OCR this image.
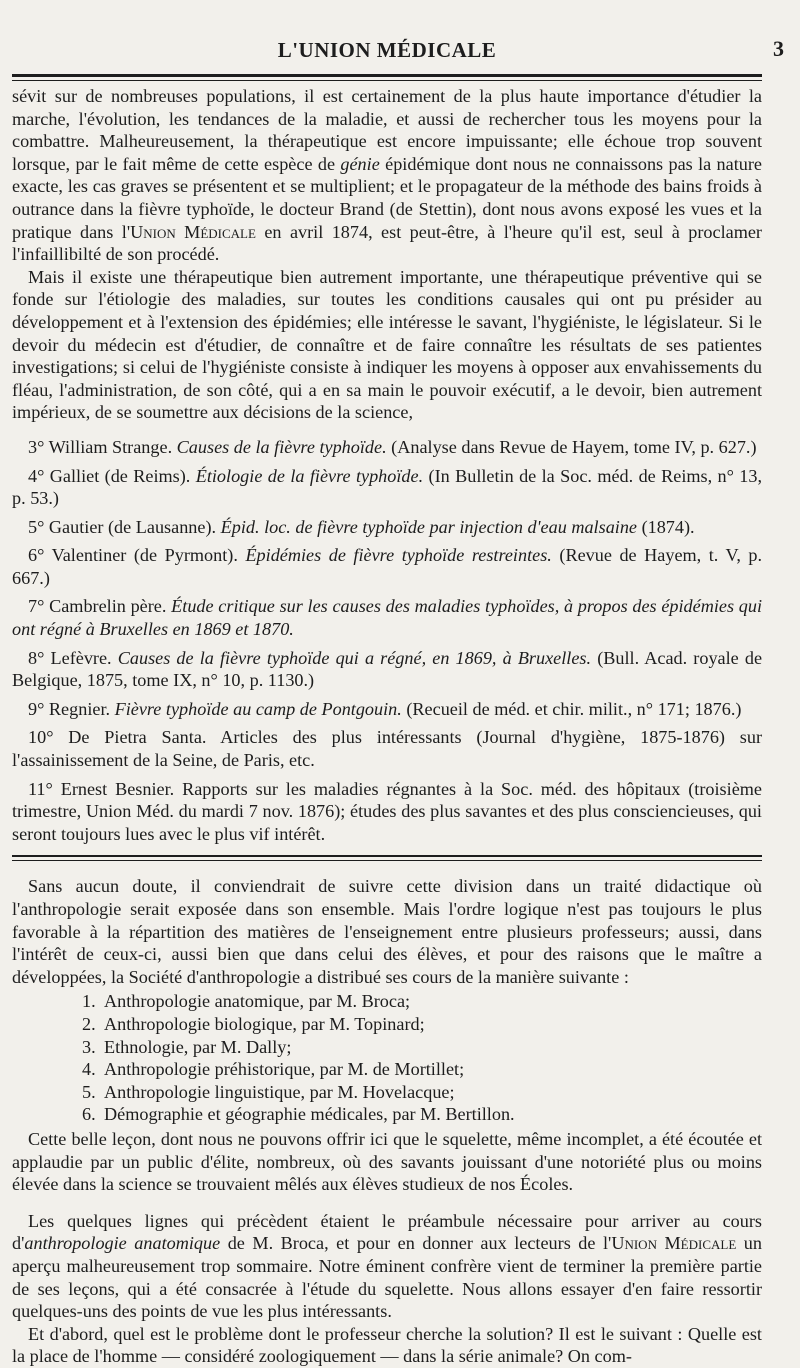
L'UNION MÉDICALE	3

sévit sur de nombreuses populations, il est certainement de la plus haute importance d'étudier la marche, l'évolution, les tendances de la maladie, et aussi de rechercher tous les moyens pour la combattre. Malheureusement, la thérapeutique est encore impuissante; elle échoue trop souvent lorsque, par le fait même de cette espèce de génie épidémique dont nous ne connaissons pas la nature exacte, les cas graves se présentent et se multiplient; et le propagateur de la méthode des bains froids à outrance dans la fièvre typhoïde, le docteur Brand (de Stettin), dont nous avons exposé les vues et la pratique dans l'Union Médicale en avril 1874, est peut-être, à l'heure qu'il est, seul à proclamer l'infaillibilté de son procédé.

Mais il existe une thérapeutique bien autrement importante, une thérapeutique préventive qui se fonde sur l'étiologie des maladies, sur toutes les conditions causales qui ont pu présider au développement et à l'extension des épidémies; elle intéresse le savant, l'hygiéniste, le législateur. Si le devoir du médecin est d'étudier, de connaître et de faire connaître les résultats de ses patientes investigations; si celui de l'hygiéniste consiste à indiquer les moyens à opposer aux envahissements du fléau, l'administration, de son côté, qui a en sa main le pouvoir exécutif, a le devoir, bien autrement impérieux, de se soumettre aux décisions de la science,

3° William Strange. Causes de la fièvre typhoïde. (Analyse dans Revue de Hayem, tome IV, p. 627.)

4° Galliet (de Reims). Étiologie de la fièvre typhoïde. (In Bulletin de la Soc. méd. de Reims, n° 13, p. 53.)

5° Gautier (de Lausanne). Épid. loc. de fièvre typhoïde par injection d'eau malsaine (1874).

6° Valentiner (de Pyrmont). Épidémies de fièvre typhoïde restreintes. (Revue de Hayem, t. V, p. 667.)

7° Cambrelin père. Étude critique sur les causes des maladies typhoïdes, à propos des épidémies qui ont régné à Bruxelles en 1869 et 1870.

8° Lefèvre. Causes de la fièvre typhoïde qui a régné, en 1869, à Bruxelles. (Bull. Acad. royale de Belgique, 1875, tome IX, n° 10, p. 1130.)

9° Regnier. Fièvre typhoïde au camp de Pontgouin. (Recueil de méd. et chir. milit., n° 171; 1876.)

10° De Pietra Santa. Articles des plus intéressants (Journal d'hygiène, 1875-1876) sur l'assainissement de la Seine, de Paris, etc.

11° Ernest Besnier. Rapports sur les maladies régnantes à la Soc. méd. des hôpitaux (troisième trimestre, Union Méd. du mardi 7 nov. 1876); études des plus savantes et des plus consciencieuses, qui seront toujours lues avec le plus vif intérêt.

Sans aucun doute, il conviendrait de suivre cette division dans un traité didactique où l'anthropologie serait exposée dans son ensemble. Mais l'ordre logique n'est pas toujours le plus favorable à la répartition des matières de l'enseignement entre plusieurs professeurs; aussi, dans l'intérêt de ceux-ci, aussi bien que dans celui des élèves, et pour des raisons que le maître a développées, la Société d'anthropologie a distribué ses cours de la manière suivante :

1. Anthropologie anatomique, par M. Broca;
2. Anthropologie biologique, par M. Topinard;
3. Ethnologie, par M. Dally;
4. Anthropologie préhistorique, par M. de Mortillet;
5. Anthropologie linguistique, par M. Hovelacque;
6. Démographie et géographie médicales, par M. Bertillon.

Cette belle leçon, dont nous ne pouvons offrir ici que le squelette, même incomplet, a été écoutée et applaudie par un public d'élite, nombreux, où des savants jouissant d'une notoriété plus ou moins élevée dans la science se trouvaient mêlés aux élèves studieux de nos Écoles.

Les quelques lignes qui précèdent étaient le préambule nécessaire pour arriver au cours d'anthropologie anatomique de M. Broca, et pour en donner aux lecteurs de l'Union Médicale un aperçu malheureusement trop sommaire. Notre éminent confrère vient de terminer la première partie de ses leçons, qui a été consacrée à l'étude du squelette. Nous allons essayer d'en faire ressortir quelques-uns des points de vue les plus intéressants.

Et d'abord, quel est le problème dont le professeur cherche la solution? Il est le suivant : Quelle est la place de l'homme — considéré zoologiquement — dans la série animale? On com-
